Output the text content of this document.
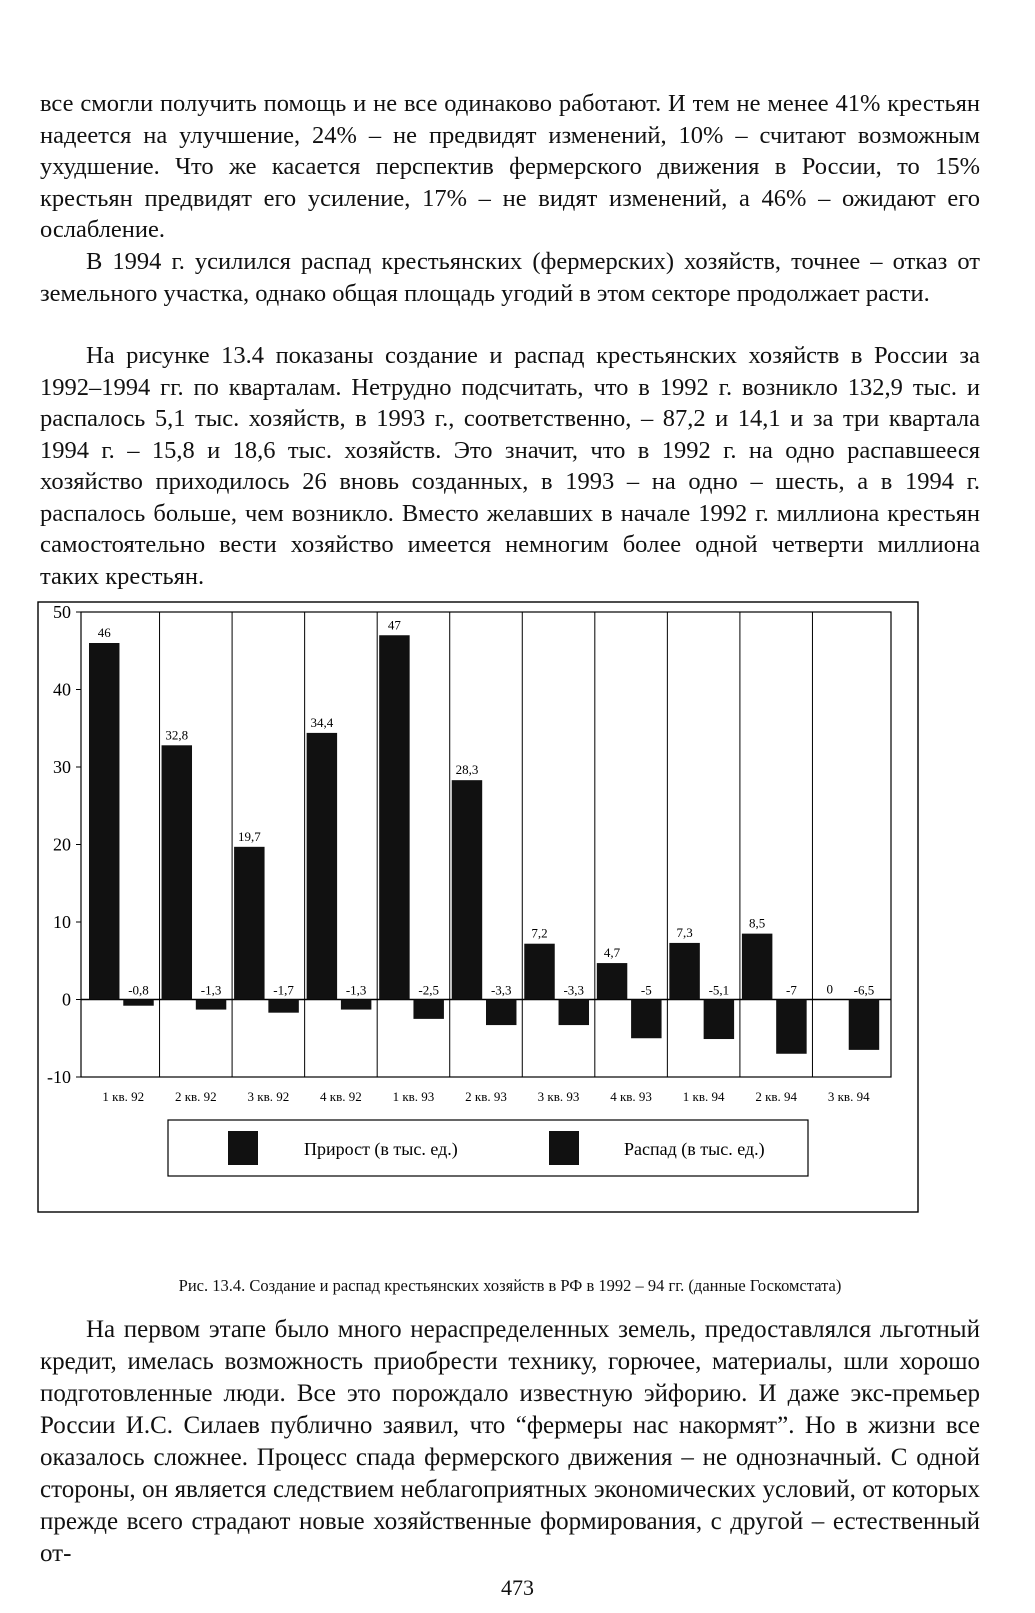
все смогли получить помощь и не все одинаково работают. И тем не менее 41% крестьян надеется на улучшение, 24% – не предвидят изменений, 10% – считают возможным ухудшение. Что же касается перспектив фермерского движения в России, то 15% крестьян предвидят его усиление, 17% – не видят изменений, а 46% – ожидают его ослабление.

В 1994 г. усилился распад крестьянских (фермерских) хозяйств, точнее – отказ от земельного участка, однако общая площадь угодий в этом секторе продолжает расти.

На рисунке 13.4 показаны создание и распад крестьянских хозяйств в России за 1992–1994 гг. по кварталам. Нетрудно подсчитать, что в 1992 г. возникло 132,9 тыс. и распалось 5,1 тыс. хозяйств, в 1993 г., соответственно, – 87,2 и 14,1 и за три квартала 1994 г. – 15,8 и 18,6 тыс. хозяйств. Это значит, что в 1992 г. на одно распавшееся хозяйство приходилось 26 вновь созданных, в 1993 – на одно – шесть, а в 1994 г. распалось больше, чем возникло. Вместо желавших в начале 1992 г. миллиона крестьян самостоятельно вести хозяйство имеется немногим более одной четверти миллиона таких крестьян.

-10
0
10
20
30
40
50
46
-0,8
1 кв. 92
32,8
-1,3
2 кв. 92
19,7
-1,7
3 кв. 92
34,4
-1,3
4 кв. 92
47
-2,5
1 кв. 93
28,3
-3,3
2 кв. 93
7,2
-3,3
3 кв. 93
4,7
-5
4 кв. 93
7,3
-5,1
1 кв. 94
8,5
-7
2 кв. 94
0 -6,5
3 кв. 94
Прирост (в тыс. ед.)	Распад (в тыс. ед.)
Рис. 13.4. Создание и распад крестьянских хозяйств в РФ в 1992 – 94 гг. (данные Госкомстата)

На первом этапе было много нераспределенных земель, предоставлялся льготный кредит, имелась возможность приобрести технику, горючее, материалы, шли хорошо подготовленные люди. Все это порождало известную эйфорию. И даже экс-премьер России И.С. Силаев публично заявил, что “фермеры нас накормят”. Но в жизни все оказалось сложнее. Процесс спада фермерского движения – не однозначный. С одной стороны, он является следствием неблагоприятных экономических условий, от которых прежде всего страдают новые хозяйственные формирования, с другой – естественный от-

473
